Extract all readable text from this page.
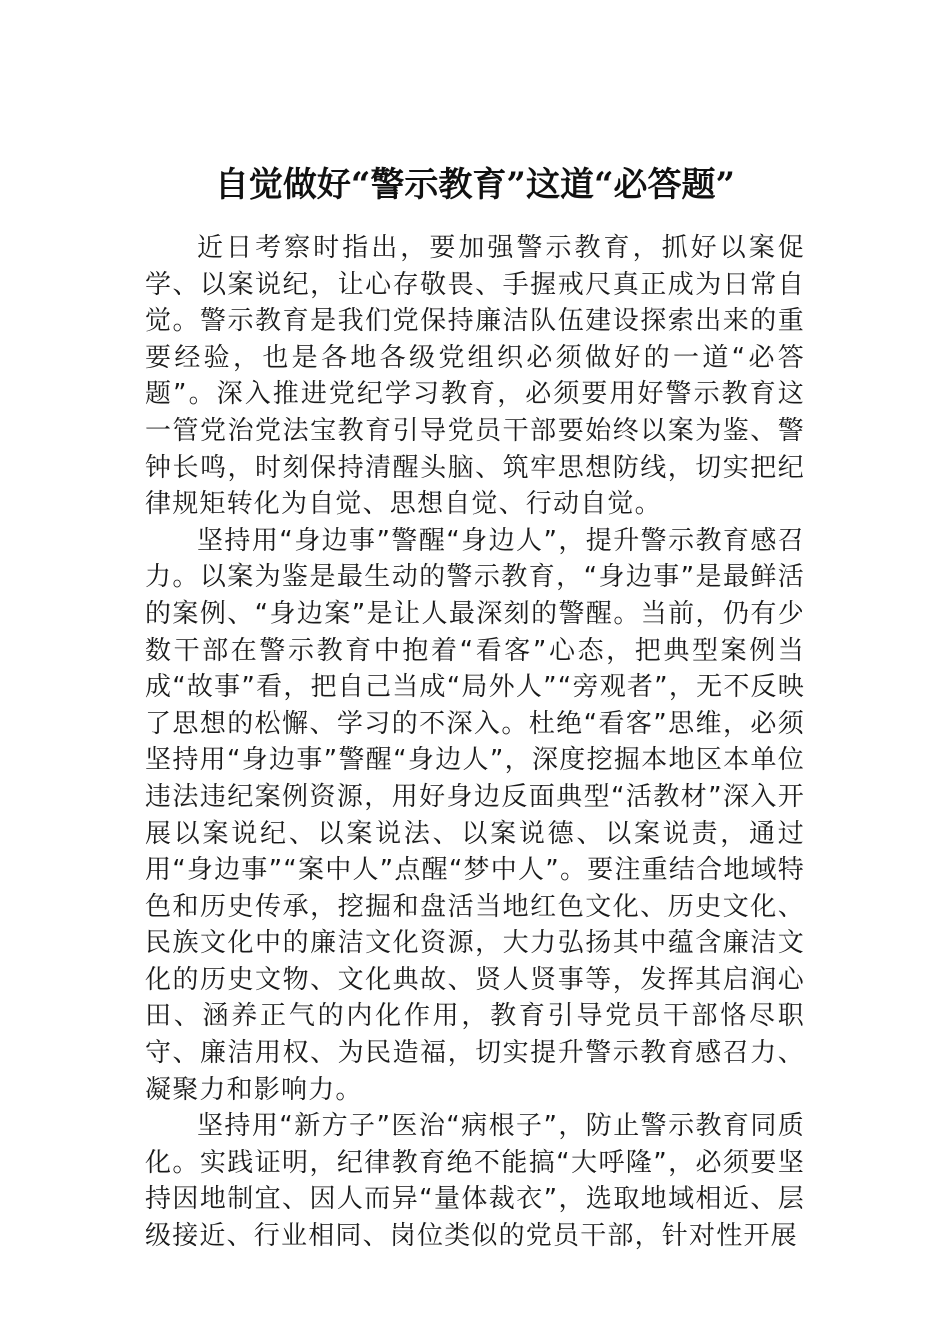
自觉做好“警示教育”这道“必答题”

近日考察时指出，要加强警示教育，抓好以案促学、以案说纪，让心存敬畏、手握戒尺真正成为日常自觉。警示教育是我们党保持廉洁队伍建设探索出来的重要经验，也是各地各级党组织必须做好的一道“必答题”。深入推进党纪学习教育，必须要用好警示教育这一管党治党法宝教育引导党员干部要始终以案为鉴、警钟长鸣，时刻保持清醒头脑、筑牢思想防线，切实把纪律规矩转化为自觉、思想自觉、行动自觉。

坚持用“身边事”警醒“身边人”，提升警示教育感召力。以案为鉴是最生动的警示教育，“身边事”是最鲜活的案例、“身边案”是让人最深刻的警醒。当前，仍有少数干部在警示教育中抱着“看客”心态，把典型案例当成“故事”看，把自己当成“局外人”“旁观者”，无不反映了思想的松懈、学习的不深入。杜绝“看客”思维，必须坚持用“身边事”警醒“身边人”，深度挖掘本地区本单位违法违纪案例资源，用好身边反面典型“活教材”深入开展以案说纪、以案说法、以案说德、以案说责，通过用“身边事”“案中人”点醒“梦中人”。要注重结合地域特色和历史传承，挖掘和盘活当地红色文化、历史文化、民族文化中的廉洁文化资源，大力弘扬其中蕴含廉洁文化的历史文物、文化典故、贤人贤事等，发挥其启润心田、涵养正气的内化作用，教育引导党员干部恪尽职守、廉洁用权、为民造福，切实提升警示教育感召力、凝聚力和影响力。

坚持用“新方子”医治“病根子”，防止警示教育同质化。实践证明，纪律教育绝不能搞“大呼隆”，必须要坚持因地制宜、因人而异“量体裁衣”，选取地域相近、层级接近、行业相同、岗位类似的党员干部，针对性开展
